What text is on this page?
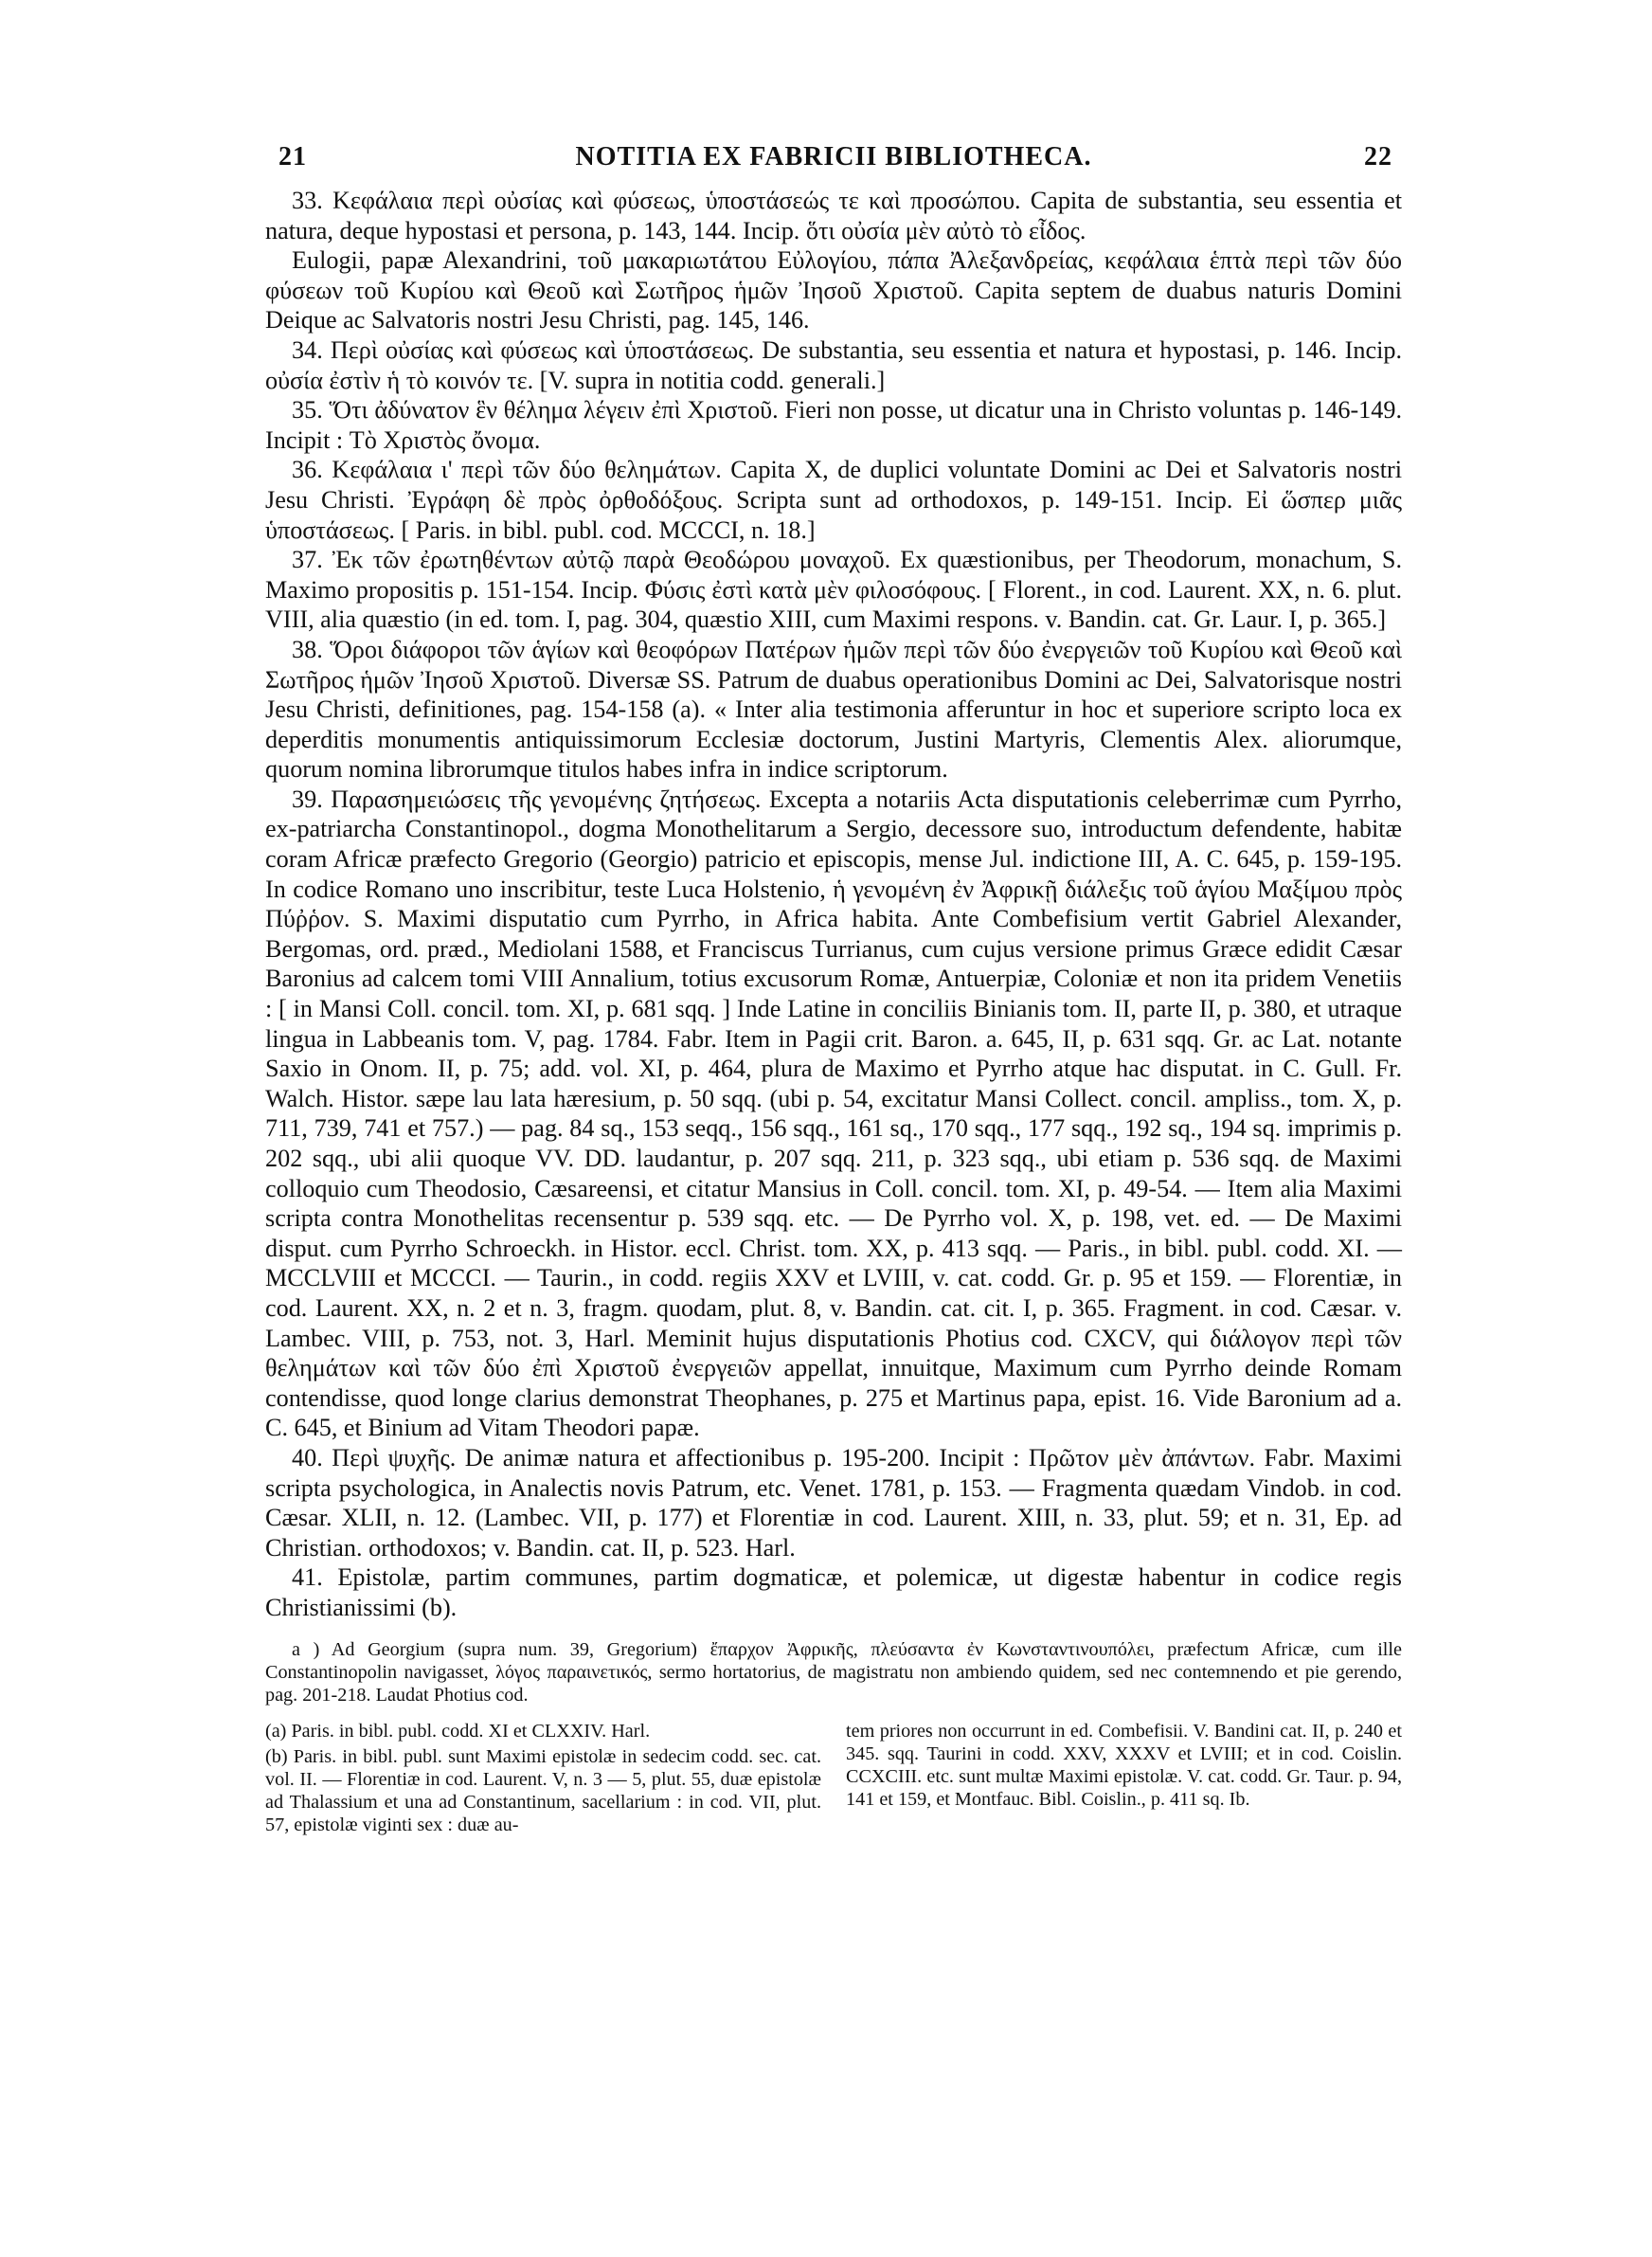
21	NOTITIA EX FABRICII BIBLIOTHECA.	22

33. Κεφάλαια περὶ οὐσίας καὶ φύσεως, ὑποστάσεώς τε καὶ προσώπου. Capita de substantia, seu essentia et natura, deque hypostasi et persona, p. 143, 144. Incip. ὅτι οὐσία μὲν αὐτὸ τὸ εἶδος.

Eulogii, papæ Alexandrini, τοῦ μακαριωτάτου Εὐλογίου, πάπα Ἀλεξανδρείας, κεφάλαια ἑπτὰ περὶ τῶν δύο φύσεων τοῦ Κυρίου καὶ Θεοῦ καὶ Σωτῆρος ἡμῶν Ἰησοῦ Χριστοῦ. Capita septem de duabus naturis Domini Deique ac Salvatoris nostri Jesu Christi, pag. 145, 146.

34. Περὶ οὐσίας καὶ φύσεως καὶ ὑποστάσεως. De substantia, seu essentia et natura et hypostasi, p. 146. Incip. οὐσία ἐστὶν ἡ τὸ κοινόν τε. [V. supra in notitia codd. generali.]

35. Ὅτι ἀδύνατον ἓν θέλημα λέγειν ἐπὶ Χριστοῦ. Fieri non posse, ut dicatur una in Christo voluntas p. 146-149. Incipit : Τὸ Χριστὸς ὄνομα.

36. Κεφάλαια ι' περὶ τῶν δύο θελημάτων. Capita X, de duplici voluntate Domini ac Dei et Salvatoris nostri Jesu Christi. Ἐγράφη δὲ πρὸς ὀρθοδόξους. Scripta sunt ad orthodoxos, p. 149-151. Incip. Εἰ ὥσπερ μιᾶς ὑποστάσεως. [ Paris. in bibl. publ. cod. MCCCI, n. 18.]

37. Ἐκ τῶν ἐρωτηθέντων αὐτῷ παρὰ Θεοδώρου μοναχοῦ. Ex quæstionibus, per Theodorum, monachum, S. Maximo propositis p. 151-154. Incip. Φύσις ἐστὶ κατὰ μὲν φιλοσόφους. [ Florent., in cod. Laurent. XX, n. 6. plut. VIII, alia quæstio (in ed. tom. I, pag. 304, quæstio XIII, cum Maximi respons. v. Bandin. cat. Gr. Laur. I, p. 365.]

38. Ὅροι διάφοροι τῶν ἁγίων καὶ θεοφόρων Πατέρων ἡμῶν περὶ τῶν δύο ἐνεργειῶν τοῦ Κυρίου καὶ Θεοῦ καὶ Σωτῆρος ἡμῶν Ἰησοῦ Χριστοῦ. Diversæ SS. Patrum de duabus operationibus Domini ac Dei, Salvatorisque nostri Jesu Christi, definitiones, pag. 154-158 (a). « Inter alia testimonia afferuntur in hoc et superiore scripto loca ex deperditis monumentis antiquissimorum Ecclesiæ doctorum, Justini Martyris, Clementis Alex. aliorumque, quorum nomina librorumque titulos habes infra in indice scriptorum.

39. Παρασημειώσεις τῆς γενομένης ζητήσεως. Excepta a notariis Acta disputationis celeberrimæ cum Pyrrho, ex-patriarcha Constantinopol., dogma Monothelitarum a Sergio, decessore suo, introductum defendente, habitæ coram Africæ præfecto Gregorio (Georgio) patricio et episcopis, mense Jul. indictione III, A. C. 645, p. 159-195. In codice Romano uno inscribitur, teste Luca Holstenio, ἡ γενομένη ἐν Ἀφρικῇ διάλεξις τοῦ ἁγίου Μαξίμου πρὸς Πύῤῥον. S. Maximi disputatio cum Pyrrho, in Africa habita. Ante Combefisium vertit Gabriel Alexander, Bergomas, ord. præd., Mediolani 1588, et Franciscus Turrianus, cum cujus versione primus Græce edidit Cæsar Baronius ad calcem tomi VIII Annalium, totius excusorum Romæ, Antuerpiæ, Coloniæ et non ita pridem Venetiis : [ in Mansi Coll. concil. tom. XI, p. 681 sqq. ] Inde Latine in conciliis Binianis tom. II, parte II, p. 380, et utraque lingua in Labbeanis tom. V, pag. 1784. Fabr. Item in Pagii crit. Baron. a. 645, II, p. 631 sqq. Gr. ac Lat. notante Saxio in Onom. II, p. 75; add. vol. XI, p. 464, plura de Maximo et Pyrrho atque hac disputat. in C. Gull. Fr. Walch. Histor. sæpe lau lata hæresium, p. 50 sqq. (ubi p. 54, excitatur Mansi Collect. concil. ampliss., tom. X, p. 711, 739, 741 et 757.) — pag. 84 sq., 153 seqq., 156 sqq., 161 sq., 170 sqq., 177 sqq., 192 sq., 194 sq. imprimis p. 202 sqq., ubi alii quoque VV. DD. laudantur, p. 207 sqq. 211, p. 323 sqq., ubi etiam p. 536 sqq. de Maximi colloquio cum Theodosio, Cæsareensi, et citatur Mansius in Coll. concil. tom. XI, p. 49-54. — Item alia Maximi scripta contra Monothelitas recensentur p. 539 sqq. etc. — De Pyrrho vol. X, p. 198, vet. ed. — De Maximi disput. cum Pyrrho Schroeckh. in Histor. eccl. Christ. tom. XX, p. 413 sqq. — Paris., in bibl. publ. codd. XI. — MCCLVIII et MCCCI. — Taurin., in codd. regiis XXV et LVIII, v. cat. codd. Gr. p. 95 et 159. — Florentiæ, in cod. Laurent. XX, n. 2 et n. 3, fragm. quodam, plut. 8, v. Bandin. cat. cit. I, p. 365. Fragment. in cod. Cæsar. v. Lambec. VIII, p. 753, not. 3, Harl. Meminit hujus disputationis Photius cod. CXCV, qui διάλογον περὶ τῶν θελημάτων καὶ τῶν δύο ἐπὶ Χριστοῦ ἐνεργειῶν appellat, innuitque, Maximum cum Pyrrho deinde Romam contendisse, quod longe clarius demonstrat Theophanes, p. 275 et Martinus papa, epist. 16. Vide Baronium ad a. C. 645, et Binium ad Vitam Theodori papæ.

40. Περὶ ψυχῆς. De animæ natura et affectionibus p. 195-200. Incipit : Πρῶτον μὲν ἀπάντων. Fabr. Maximi scripta psychologica, in Analectis novis Patrum, etc. Venet. 1781, p. 153. — Fragmenta quædam Vindob. in cod. Cæsar. XLII, n. 12. (Lambec. VII, p. 177) et Florentiæ in cod. Laurent. XIII, n. 33, plut. 59; et n. 31, Ep. ad Christian. orthodoxos; v. Bandin. cat. II, p. 523. Harl.

41. Epistolæ, partim communes, partim dogmaticæ, et polemicæ, ut digestæ habentur in codice regis Christianissimi (b).

a ) Ad Georgium (supra num. 39, Gregorium) ἔπαρχον Ἀφρικῆς, πλεύσαντα ἐν Κωνσταντινουπόλει, præfectum Africæ, cum ille Constantinopolin navigasset, λόγος παραινετικός, sermo hortatorius, de magistratu non ambiendo quidem, sed nec contemnendo et pie gerendo, pag. 201-218. Laudat Photius cod.

(a) Paris. in bibl. publ. codd. XI et CLXXIV. Harl.

(b) Paris. in bibl. publ. sunt Maximi epistolæ in sedecim codd. sec. cat. vol. II. — Florentiæ in cod. Laurent. V, n. 3 — 5, plut. 55, duæ epistolæ ad Thalassium et una ad Constantinum, sacellarium : in cod. VII, plut. 57, epistolæ viginti sex : duæ au-

tem priores non occurrunt in ed. Combefisii. V. Bandini cat. II, p. 240 et 345. sqq. Taurini in codd. XXV, XXXV et LVIII; et in cod. Coislin. CCXCIII. etc. sunt multæ Maximi epistolæ. V. cat. codd. Gr. Taur. p. 94, 141 et 159, et Montfauc. Bibl. Coislin., p. 411 sq. Ib.
